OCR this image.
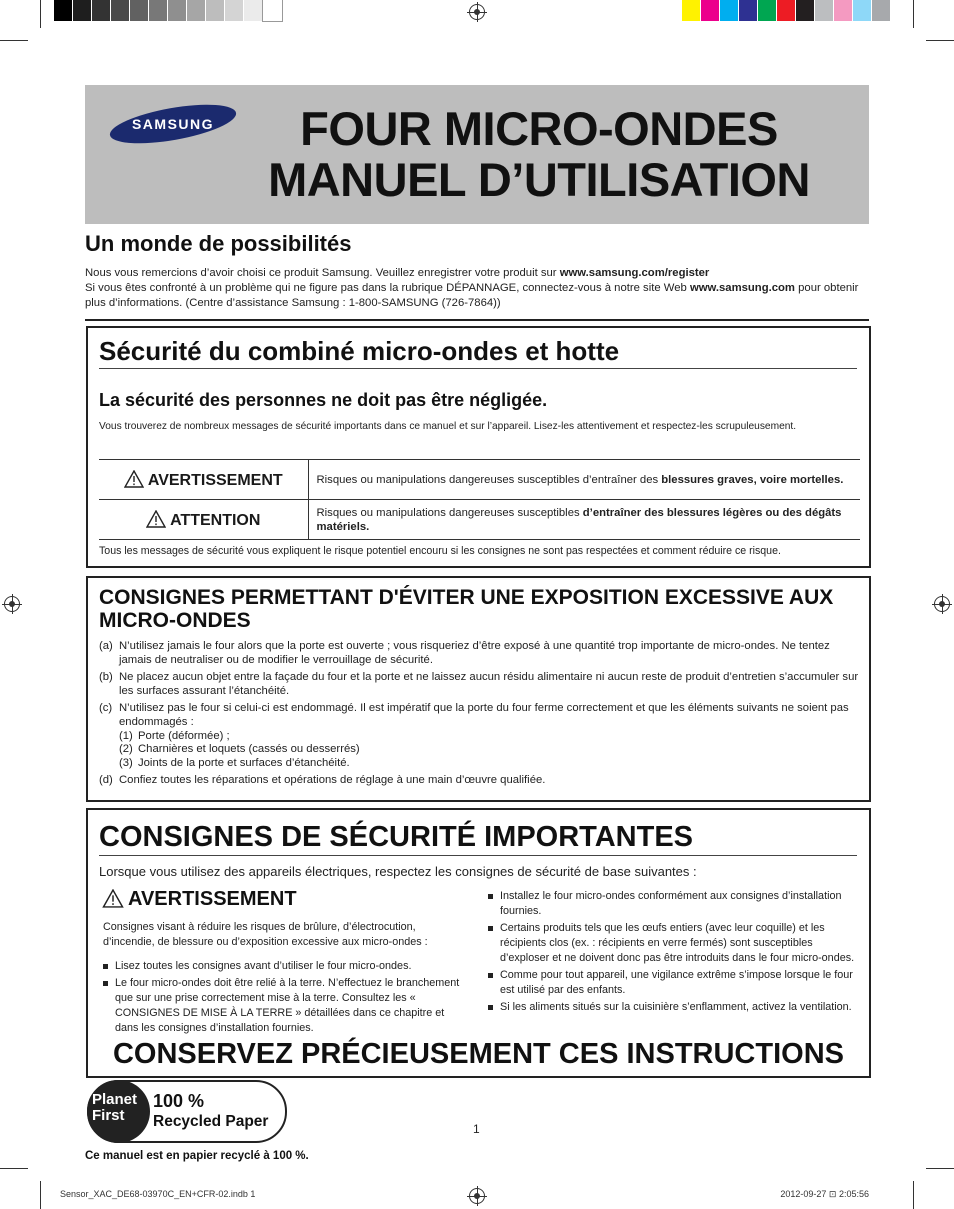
SAMSUNG	FOUR MICRO-ONDES
MANUEL D’UTILISATION
Un monde de possibilités
Nous vous remercions d’avoir choisi ce produit Samsung. Veuillez enregistrer votre produit sur www.samsung.com/register
Si vous êtes confronté à un problème qui ne figure pas dans la rubrique DÉPANNAGE, connectez-vous à notre site Web www.samsung.com pour obtenir plus d’informations. (Centre d’assistance Samsung : 1-800-SAMSUNG (726-7864))
Sécurité du combiné micro-ondes et hotte
La sécurité des personnes ne doit pas être négligée.
Vous trouverez de nombreux messages de sécurité importants dans ce manuel et sur l’appareil. Lisez-les attentivement et respectez-les scrupuleusement.
AVERTISSEMENT	Risques ou manipulations dangereuses susceptibles d’entraîner des blessures graves, voire mortelles.
ATTENTION	Risques ou manipulations dangereuses susceptibles d’entraîner des blessures légères ou des dégâts matériels.
Tous les messages de sécurité vous expliquent le risque potentiel encouru si les consignes ne sont pas respectées et comment réduire ce risque.
CONSIGNES PERMETTANT D'ÉVITER UNE EXPOSITION EXCESSIVE AUX MICRO-ONDES
(a) N’utilisez jamais le four alors que la porte est ouverte ; vous risqueriez d’être exposé à une quantité trop importante de micro-ondes. Ne tentez jamais de neutraliser ou de modifier le verrouillage de sécurité.
(b) Ne placez aucun objet entre la façade du four et la porte et ne laissez aucun résidu alimentaire ni aucun reste de produit d’entretien s’accumuler sur les surfaces assurant l’étanchéité.
(c) N’utilisez pas le four si celui-ci est endommagé. Il est impératif que la porte du four ferme correctement et que les éléments suivants ne soient pas endommagés :
(1) Porte (déformée) ;
(2) Charnières et loquets (cassés ou desserrés)
(3) Joints de la porte et surfaces d’étanchéité.
(d) Confiez toutes les réparations et opérations de réglage à une main d’œuvre qualifiée.
CONSIGNES DE SÉCURITÉ IMPORTANTES
Lorsque vous utilisez des appareils électriques, respectez les consignes de sécurité de base suivantes :
AVERTISSEMENT
Consignes visant à réduire les risques de brûlure, d’électrocution, d’incendie, de blessure ou d’exposition excessive aux micro-ondes :
Lisez toutes les consignes avant d’utiliser le four micro-ondes.
Le four micro-ondes doit être relié à la terre. N’effectuez le branchement que sur une prise correctement mise à la terre. Consultez les « CONSIGNES DE MISE À LA TERRE » détaillées dans ce chapitre et dans les consignes d’installation fournies.
Installez le four micro-ondes conformément aux consignes d’installation fournies.
Certains produits tels que les œufs entiers (avec leur coquille) et les récipients clos (ex. : récipients en verre fermés) sont susceptibles d’exploser et ne doivent donc pas être introduits dans le four micro-ondes.
Comme pour tout appareil, une vigilance extrême s’impose lorsque le four est utilisé par des enfants.
Si les aliments situés sur la cuisinière s’enflamment, activez la ventilation.
CONSERVEZ PRÉCIEUSEMENT CES INSTRUCTIONS
Planet
First
100 %
Recycled Paper	1
Ce manuel est en papier recyclé à 100 %.
Sensor_XAC_DE68-03970C_EN+CFR-02.indb 1	2012-09-27 ⊡ 2:05:56
